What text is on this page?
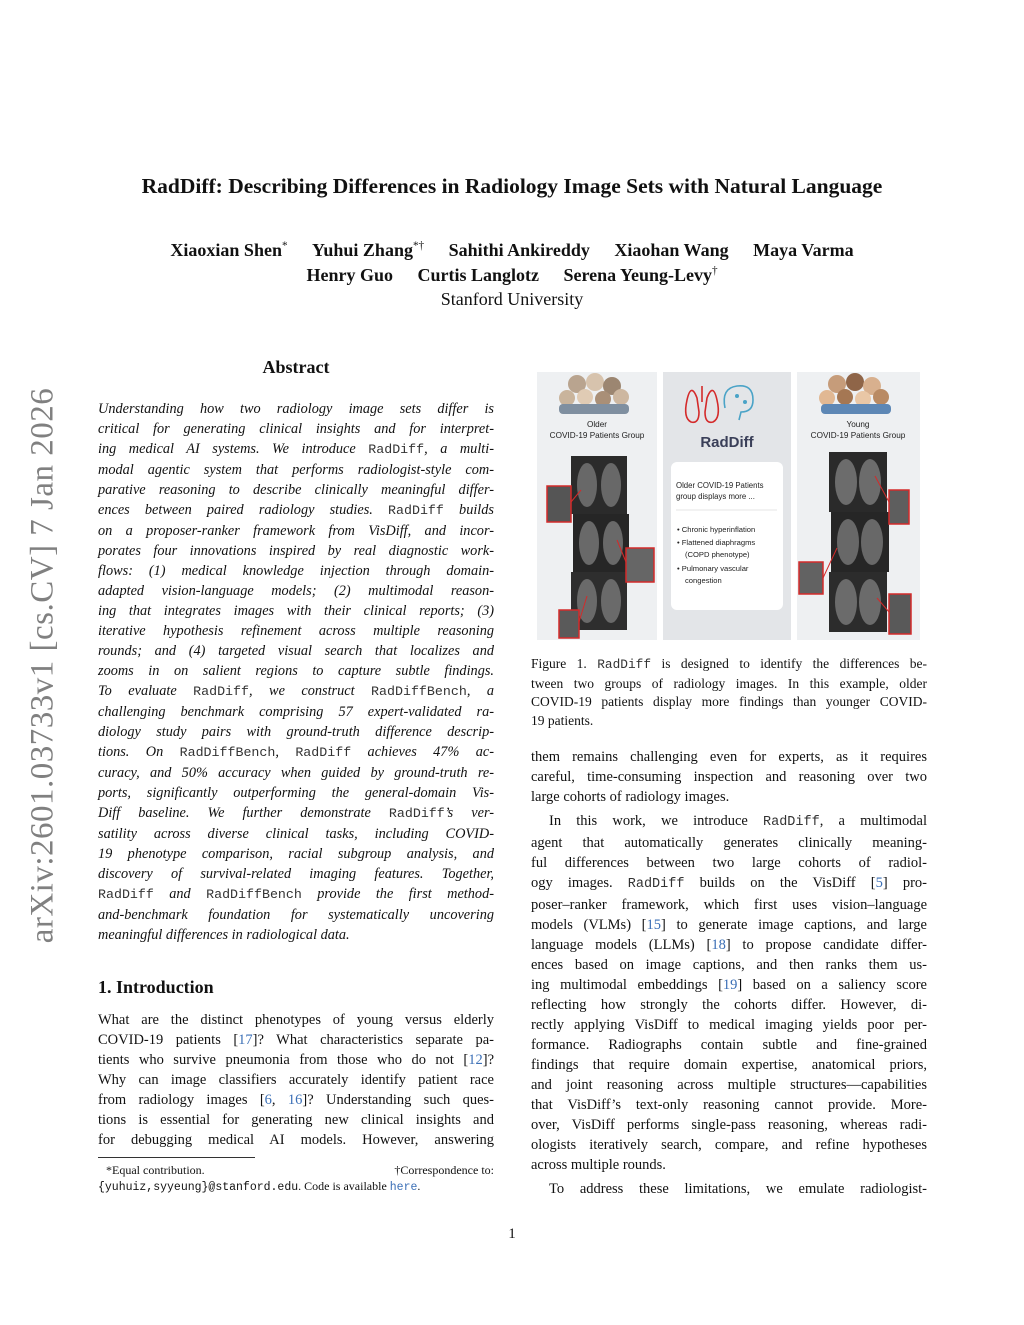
arXiv:2601.03733v1 [cs.CV] 7 Jan 2026
RadDiff: Describing Differences in Radiology Image Sets with Natural Language
Xiaoxian Shen* Yuhui Zhang*† Sahithi Ankireddy Xiaohan Wang Maya Varma
Henry Guo Curtis Langlotz Serena Yeung-Levy†
Stanford University
Abstract

Understanding how two radiology image sets differ is

critical for generating clinical insights and for interpret-

ing medical AI systems. We introduce RadDiff, a multi-

modal agentic system that performs radiologist-style com-

parative reasoning to describe clinically meaningful differ-

ences between paired radiology studies. RadDiff builds

on a proposer-ranker framework from VisDiff, and incor-

porates four innovations inspired by real diagnostic work-

flows: (1) medical knowledge injection through domain-

adapted vision-language models; (2) multimodal reason-

ing that integrates images with their clinical reports; (3)

iterative hypothesis refinement across multiple reasoning

rounds; and (4) targeted visual search that localizes and

zooms in on salient regions to capture subtle findings.

To evaluate RadDiff, we construct RadDiffBench, a

challenging benchmark comprising 57 expert-validated ra-

diology study pairs with ground-truth difference descrip-

tions. On RadDiffBench, RadDiff achieves 47% ac-

curacy, and 50% accuracy when guided by ground-truth re-

ports, significantly outperforming the general-domain Vis-

Diff baseline. We further demonstrate RadDiff’s ver-

satility across diverse clinical tasks, including COVID-

19 phenotype comparison, racial subgroup analysis, and

discovery of survival-related imaging features. Together,

RadDiff and RadDiffBench provide the first method-

and-benchmark foundation for systematically uncovering

meaningful differences in radiological data.

1. Introduction

What are the distinct phenotypes of young versus elderly

COVID-19 patients [17]? What characteristics separate pa-

tients who survive pneumonia from those who do not [12]?

Why can image classifiers accurately identify patient race

from radiology images [6, 16]? Understanding such ques-

tions is essential for generating new clinical insights and

for debugging medical AI models. However, answering

*Equal contribution.	†Correspondence to:
{yuhuiz,syyeung}@stanford.edu. Code is available here.
Older
COVID-19 Patients Group	RadDiff
Older COVID-19 Patients
group displays more ...
• Chronic hyperinflation
• Flattened diaphragms
(COPD phenotype)
• Pulmonary vascular
congestion
Young
COVID-19 Patients Group

Figure 1. RadDiff is designed to identify the differences be-

tween two groups of radiology images. In this example, older

COVID-19 patients display more findings than younger COVID-

19 patients.

them remains challenging even for experts, as it requires

careful, time-consuming inspection and reasoning over two

large cohorts of radiology images.

In this work, we introduce RadDiff, a multimodal

agent that automatically generates clinically meaning-

ful differences between two large cohorts of radiol-

ogy images. RadDiff builds on the VisDiff [5] pro-

poser–ranker framework, which first uses vision–language

models (VLMs) [15] to generate image captions, and large

language models (LLMs) [18] to propose candidate differ-

ences based on image captions, and then ranks them us-

ing multimodal embeddings [19] based on a saliency score

reflecting how strongly the cohorts differ. However, di-

rectly applying VisDiff to medical imaging yields poor per-

formance. Radiographs contain subtle and fine-grained

findings that require domain expertise, anatomical priors,

and joint reasoning across multiple structures—capabilities

that VisDiff’s text-only reasoning cannot provide. More-

over, VisDiff performs single-pass reasoning, whereas radi-

ologists iteratively search, compare, and refine hypotheses

across multiple rounds.

To address these limitations, we emulate radiologist-

1
